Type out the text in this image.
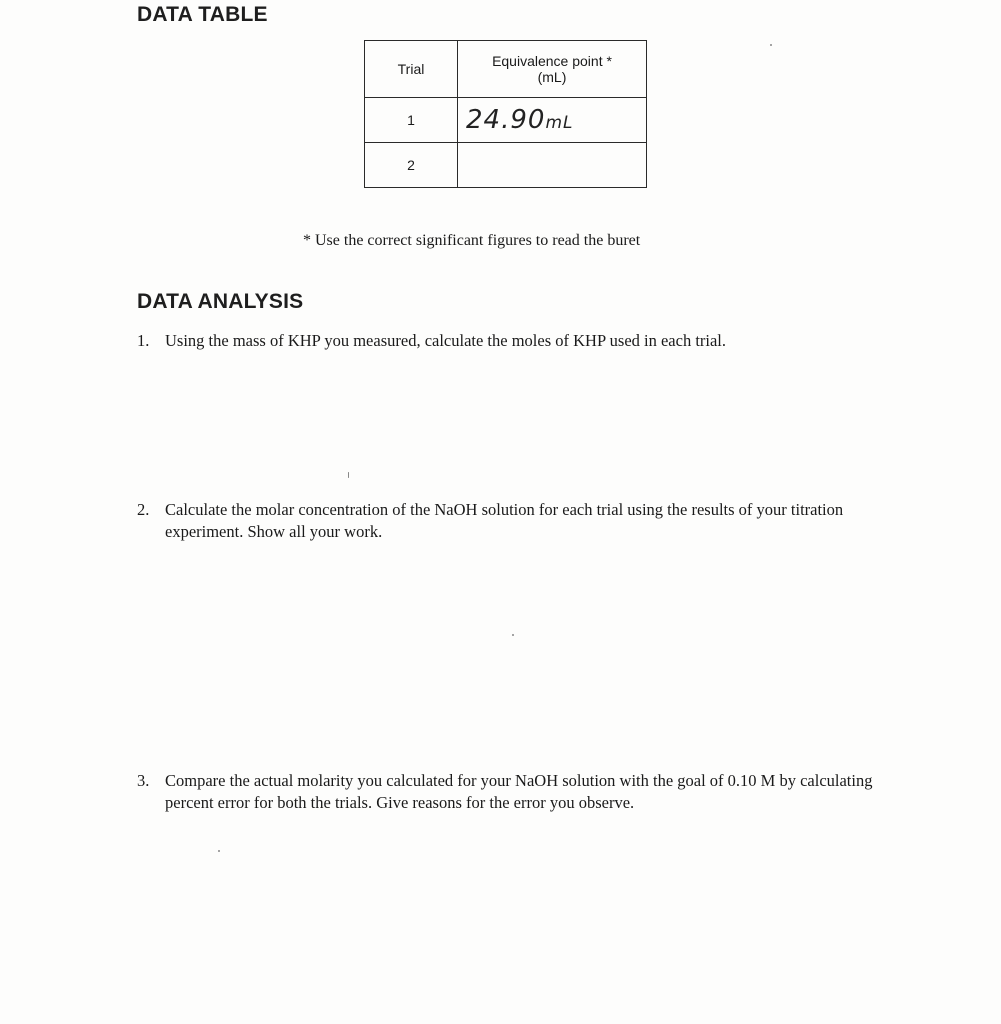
DATA TABLE
Trial	Equivalence point *
(mL)

1	24.90mL

2	
* Use the correct significant figures to read the buret
DATA ANALYSIS
1. Using the mass of KHP you measured, calculate the moles of KHP used in each trial.
2. Calculate the molar concentration of the NaOH solution for each trial using the results of your titration experiment. Show all your work.
3. Compare the actual molarity you calculated for your NaOH solution with the goal of 0.10 M by calculating percent error for both the trials. Give reasons for the error you observe.
